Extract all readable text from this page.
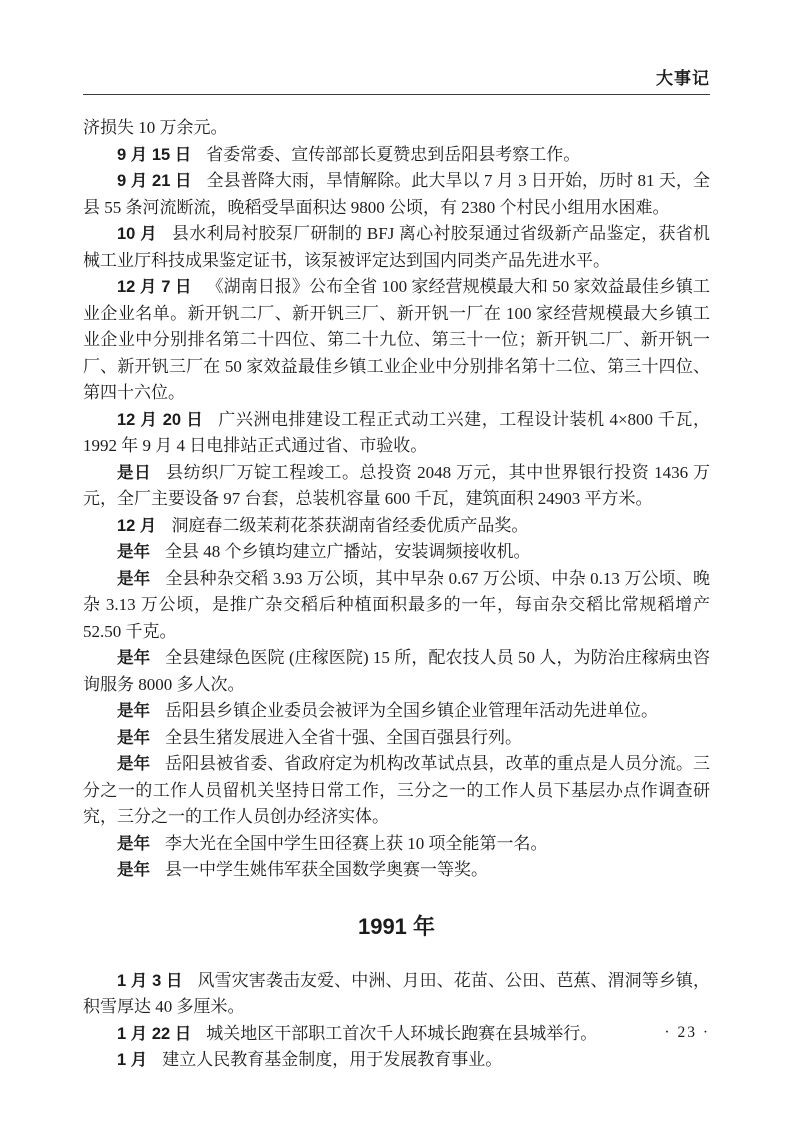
大事记

济损失 10 万余元。

9 月 15 日 省委常委、宣传部部长夏赞忠到岳阳县考察工作。

9 月 21 日 全县普降大雨，旱情解除。此大旱以 7 月 3 日开始，历时 81 天，全县 55 条河流断流，晚稻受旱面积达 9800 公顷，有 2380 个村民小组用水困难。

10 月 县水利局衬胶泵厂研制的 BFJ 离心衬胶泵通过省级新产品鉴定，获省机械工业厅科技成果鉴定证书，该泵被评定达到国内同类产品先进水平。

12 月 7 日 《湖南日报》公布全省 100 家经营规模最大和 50 家效益最佳乡镇工业企业名单。新开钒二厂、新开钒三厂、新开钒一厂在 100 家经营规模最大乡镇工业企业中分别排名第二十四位、第二十九位、第三十一位；新开钒二厂、新开钒一厂、新开钒三厂在 50 家效益最佳乡镇工业企业中分别排名第十二位、第三十四位、第四十六位。

12 月 20 日 广兴洲电排建设工程正式动工兴建，工程设计装机 4×800 千瓦，1992 年 9 月 4 日电排站正式通过省、市验收。

是日 县纺织厂万锭工程竣工。总投资 2048 万元，其中世界银行投资 1436 万元，全厂主要设备 97 台套，总装机容量 600 千瓦，建筑面积 24903 平方米。

12 月 洞庭春二级茉莉花茶获湖南省经委优质产品奖。

是年 全县 48 个乡镇均建立广播站，安装调频接收机。

是年 全县种杂交稻 3.93 万公顷，其中早杂 0.67 万公顷、中杂 0.13 万公顷、晚杂 3.13 万公顷，是推广杂交稻后种植面积最多的一年，每亩杂交稻比常规稻增产 52.50 千克。

是年 全县建绿色医院 (庄稼医院) 15 所，配农技人员 50 人，为防治庄稼病虫咨询服务 8000 多人次。

是年 岳阳县乡镇企业委员会被评为全国乡镇企业管理年活动先进单位。

是年 全县生猪发展进入全省十强、全国百强县行列。

是年 岳阳县被省委、省政府定为机构改革试点县，改革的重点是人员分流。三分之一的工作人员留机关坚持日常工作，三分之一的工作人员下基层办点作调查研究，三分之一的工作人员创办经济实体。

是年 李大光在全国中学生田径赛上获 10 项全能第一名。

是年 县一中学生姚伟军获全国数学奥赛一等奖。

1991 年

1 月 3 日 风雪灾害袭击友爱、中洲、月田、花苗、公田、芭蕉、渭洞等乡镇，积雪厚达 40 多厘米。

1 月 22 日 城关地区干部职工首次千人环城长跑赛在县城举行。

1 月 建立人民教育基金制度，用于发展教育事业。

· 23 ·
